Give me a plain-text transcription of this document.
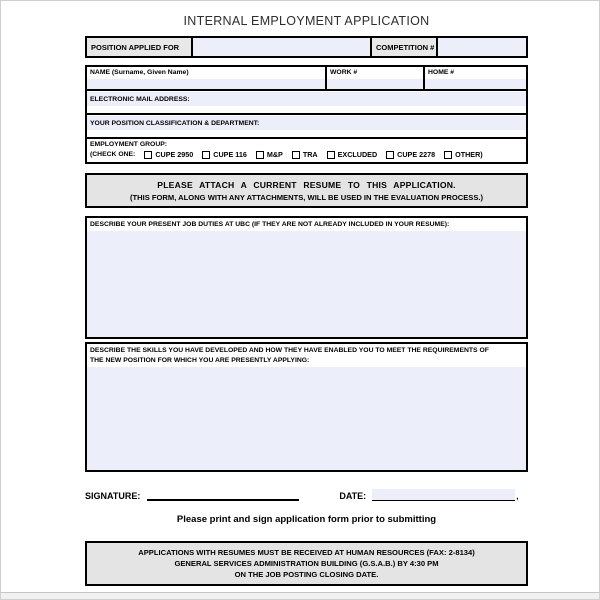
INTERNAL EMPLOYMENT APPLICATION
POSITION APPLIED FOR	COMPETITION #
NAME (Surname, Given Name)	WORK #	HOME #
ELECTRONIC MAIL ADDRESS:
YOUR POSITION CLASSIFICATION & DEPARTMENT:
EMPLOYMENT GROUP:
(CHECK ONE:	CUPE 2950	CUPE 116	M&P	TRA	EXCLUDED	CUPE 2278	OTHER)
PLEASE ATTACH A CURRENT RESUME TO THIS APPLICATION.
(THIS FORM, ALONG WITH ANY ATTACHMENTS, WILL BE USED IN THE EVALUATION PROCESS.)
DESCRIBE YOUR PRESENT JOB DUTIES AT UBC (IF THEY ARE NOT ALREADY INCLUDED IN YOUR RESUME):
DESCRIBE THE SKILLS YOU HAVE DEVELOPED AND HOW THEY HAVE ENABLED YOU TO MEET THE REQUIREMENTS OF
THE NEW POSITION FOR WHICH YOU ARE PRESENTLY APPLYING:
SIGNATURE:	DATE:	,
Please print and sign application form prior to submitting
APPLICATIONS WITH RESUMES MUST BE RECEIVED AT HUMAN RESOURCES (FAX: 2-8134)
GENERAL SERVICES ADMINISTRATION BUILDING (G.S.A.B.) BY 4:30 PM
ON THE JOB POSTING CLOSING DATE.
